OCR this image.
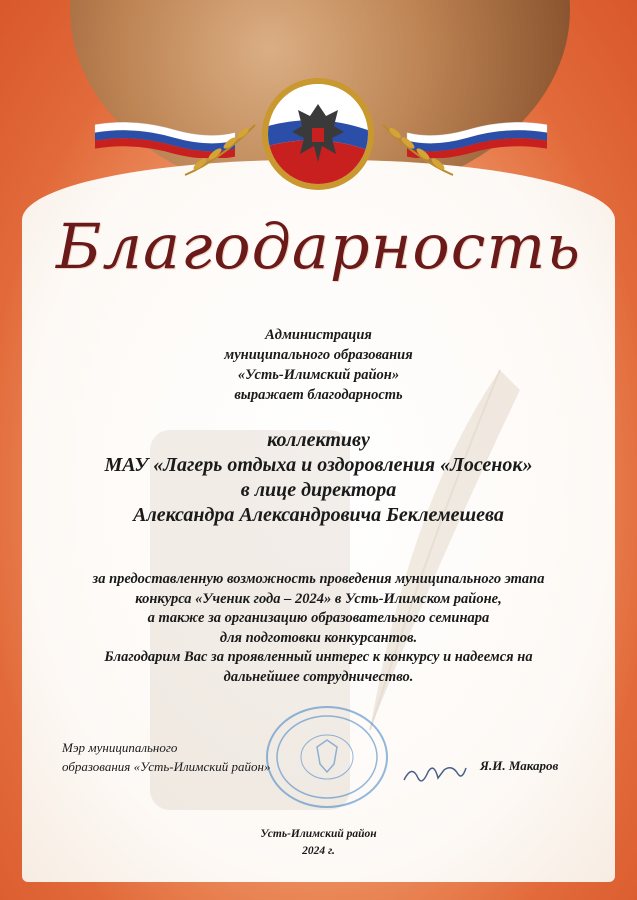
Благодарность
Администрация
муниципального образования
«Усть-Илимский район»
выражает благодарность
коллективу
МАУ «Лагерь отдыха и оздоровления «Лосенок»
в лице директора
Александра Александровича Беклемешева
за предоставленную возможность проведения муниципального этапа
конкурса «Ученик года – 2024» в Усть-Илимском районе,
а также за организацию образовательного семинара
для подготовки конкурсантов.
Благодарим Вас за проявленный интерес к конкурсу и надеемся на
дальнейшее сотрудничество.
Мэр муниципального
образования «Усть-Илимский район»	Я.И. Макаров
Усть-Илимский район
2024 г.
